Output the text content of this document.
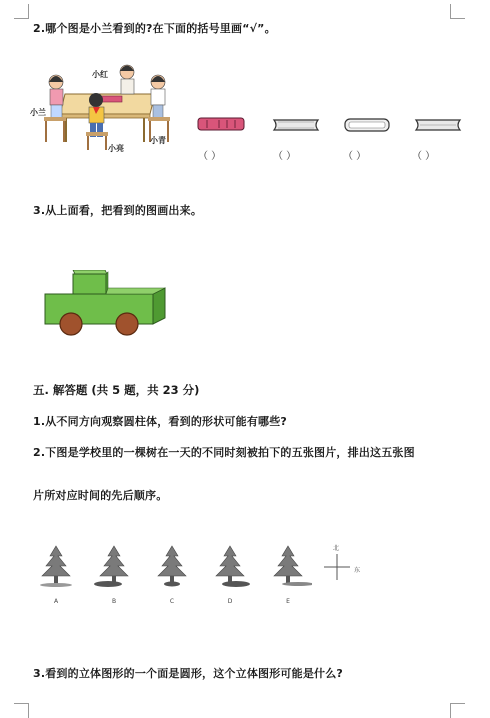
2.哪个图是小兰看到的?在下面的括号里画“√”。
小红
小兰
小亮
小青
（ ）	（ ）	（ ）	（ ）
3.从上面看，把看到的图画出来。
五. 解答题 (共 5 题，共 23 分)
1.从不同方向观察圆柱体，看到的形状可能有哪些?
2.下图是学校里的一棵树在一天的不同时刻被拍下的五张图片，排出这五张图
片所对应时间的先后顺序。
A	B	C	D	E
北
东
3.看到的立体图形的一个面是圆形，这个立体图形可能是什么?
